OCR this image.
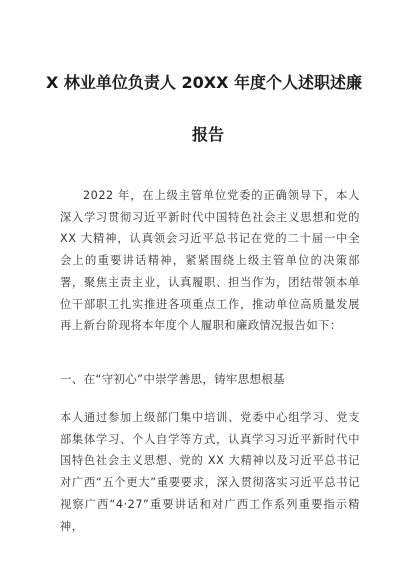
X 林业单位负责人 20XX 年度个人述职述廉
报告
2022 年，在上级主管单位党委的正确领导下，本人深入学习贯彻习近平新时代中国特色社会主义思想和党的 XX 大精神，认真领会习近平总书记在党的二十届一中全会上的重要讲话精神，紧紧围绕上级主管单位的决策部署，聚焦主责主业，认真履职、担当作为，团结带领本单位干部职工扎实推进各项重点工作，推动单位高质量发展再上新台阶现将本年度个人履职和廉政情况报告如下：
一、在“守初心”中崇学善思，铸牢思想根基
本人通过参加上级部门集中培训、党委中心组学习、党支部集体学习、个人自学等方式，认真学习习近平新时代中国特色社会主义思想、党的 XX 大精神以及习近平总书记对广西“五个更大”重要要求，深入贯彻落实习近平总书记视察广西“4·27”重要讲话和对广西工作系列重要指示精神，
